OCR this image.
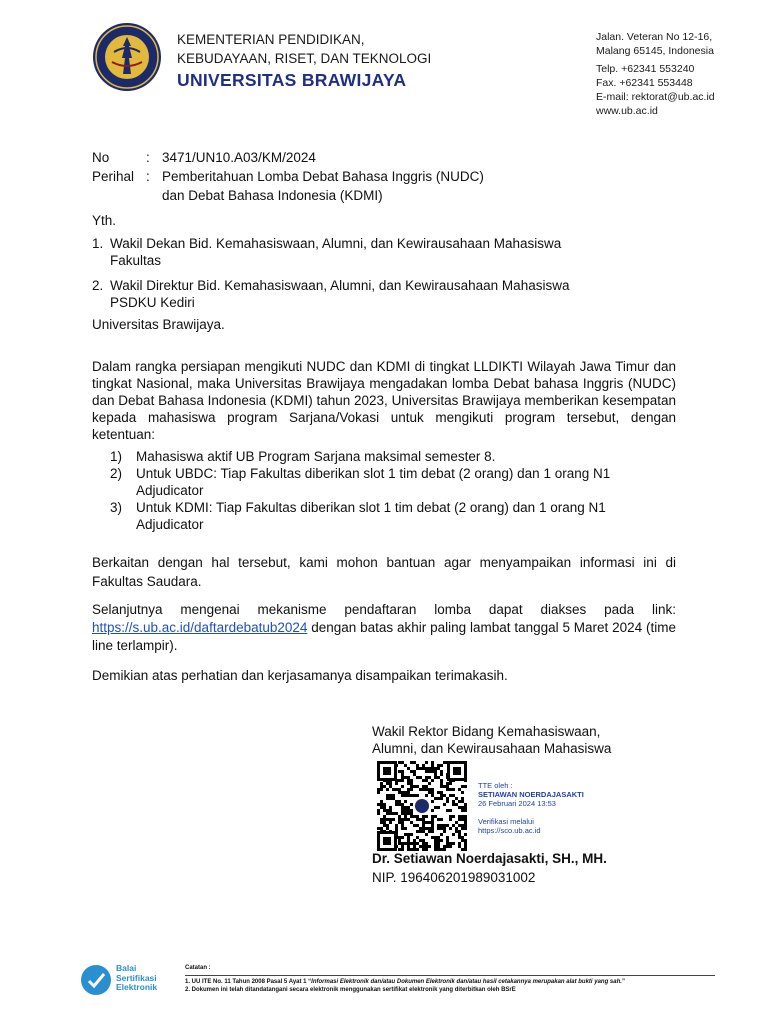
KEMENTERIAN PENDIDIKAN,
KEBUDAYAAN, RISET, DAN TEKNOLOGI
UNIVERSITAS BRAWIJAYA
Jalan. Veteran No 12-16,
Malang 65145, Indonesia
Telp. +62341 553240
Fax. +62341 553448
E-mail: rektorat@ub.ac.id
www.ub.ac.id
No	: 3471/UN10.A03/KM/2024
Perihal : Pemberitahuan Lomba Debat Bahasa Inggris (NUDC)
dan Debat Bahasa Indonesia (KDMI)
Yth.
1. Wakil Dekan Bid. Kemahasiswaan, Alumni, dan Kewirausahaan Mahasiswa
Fakultas
2. Wakil Direktur Bid. Kemahasiswaan, Alumni, dan Kewirausahaan Mahasiswa
PSDKU Kediri
Universitas Brawijaya.
Dalam rangka persiapan mengikuti NUDC dan KDMI di tingkat LLDIKTI Wilayah Jawa Timur dan tingkat Nasional, maka Universitas Brawijaya mengadakan lomba Debat bahasa Inggris (NUDC) dan Debat Bahasa Indonesia (KDMI) tahun 2023, Universitas Brawijaya memberikan kesempatan kepada mahasiswa program Sarjana/Vokasi untuk mengikuti program tersebut, dengan ketentuan:
1)	Mahasiswa aktif UB Program Sarjana maksimal semester 8.
2)	Untuk UBDC: Tiap Fakultas diberikan slot 1 tim debat (2 orang) dan 1 orang N1
Adjudicator
3)	Untuk KDMI: Tiap Fakultas diberikan slot 1 tim debat (2 orang) dan 1 orang N1
Adjudicator
Berkaitan dengan hal tersebut, kami mohon bantuan agar menyampaikan informasi ini di Fakultas Saudara.
Selanjutnya mengenai mekanisme pendaftaran lomba dapat diakses pada link: https://s.ub.ac.id/daftardebatub2024 dengan batas akhir paling lambat tanggal 5 Maret 2024 (time line terlampir).
Demikian atas perhatian dan kerjasamanya disampaikan terimakasih.
Wakil Rektor Bidang Kemahasiswaan,
Alumni, dan Kewirausahaan Mahasiswa
TTE oleh :
SETIAWAN NOERDAJASAKTI
26 Februari 2024 13:53
Verifikasi melalui
https://sco.ub.ac.id
Dr. Setiawan Noerdajasakti, SH., MH.
NIP. 196406201989031002
Balai
Sertifikasi
Elektronik
Catatan :
1. UU ITE No. 11 Tahun 2008 Pasal 5 Ayat 1 “Informasi Elektronik dan/atau Dokumen Elektronik dan/atau hasil cetakannya merupakan alat bukti yang sah.”
2. Dokumen ini telah ditandatangani secara elektronik menggunakan sertifikat elektronik yang diterbitkan oleh BSrE
